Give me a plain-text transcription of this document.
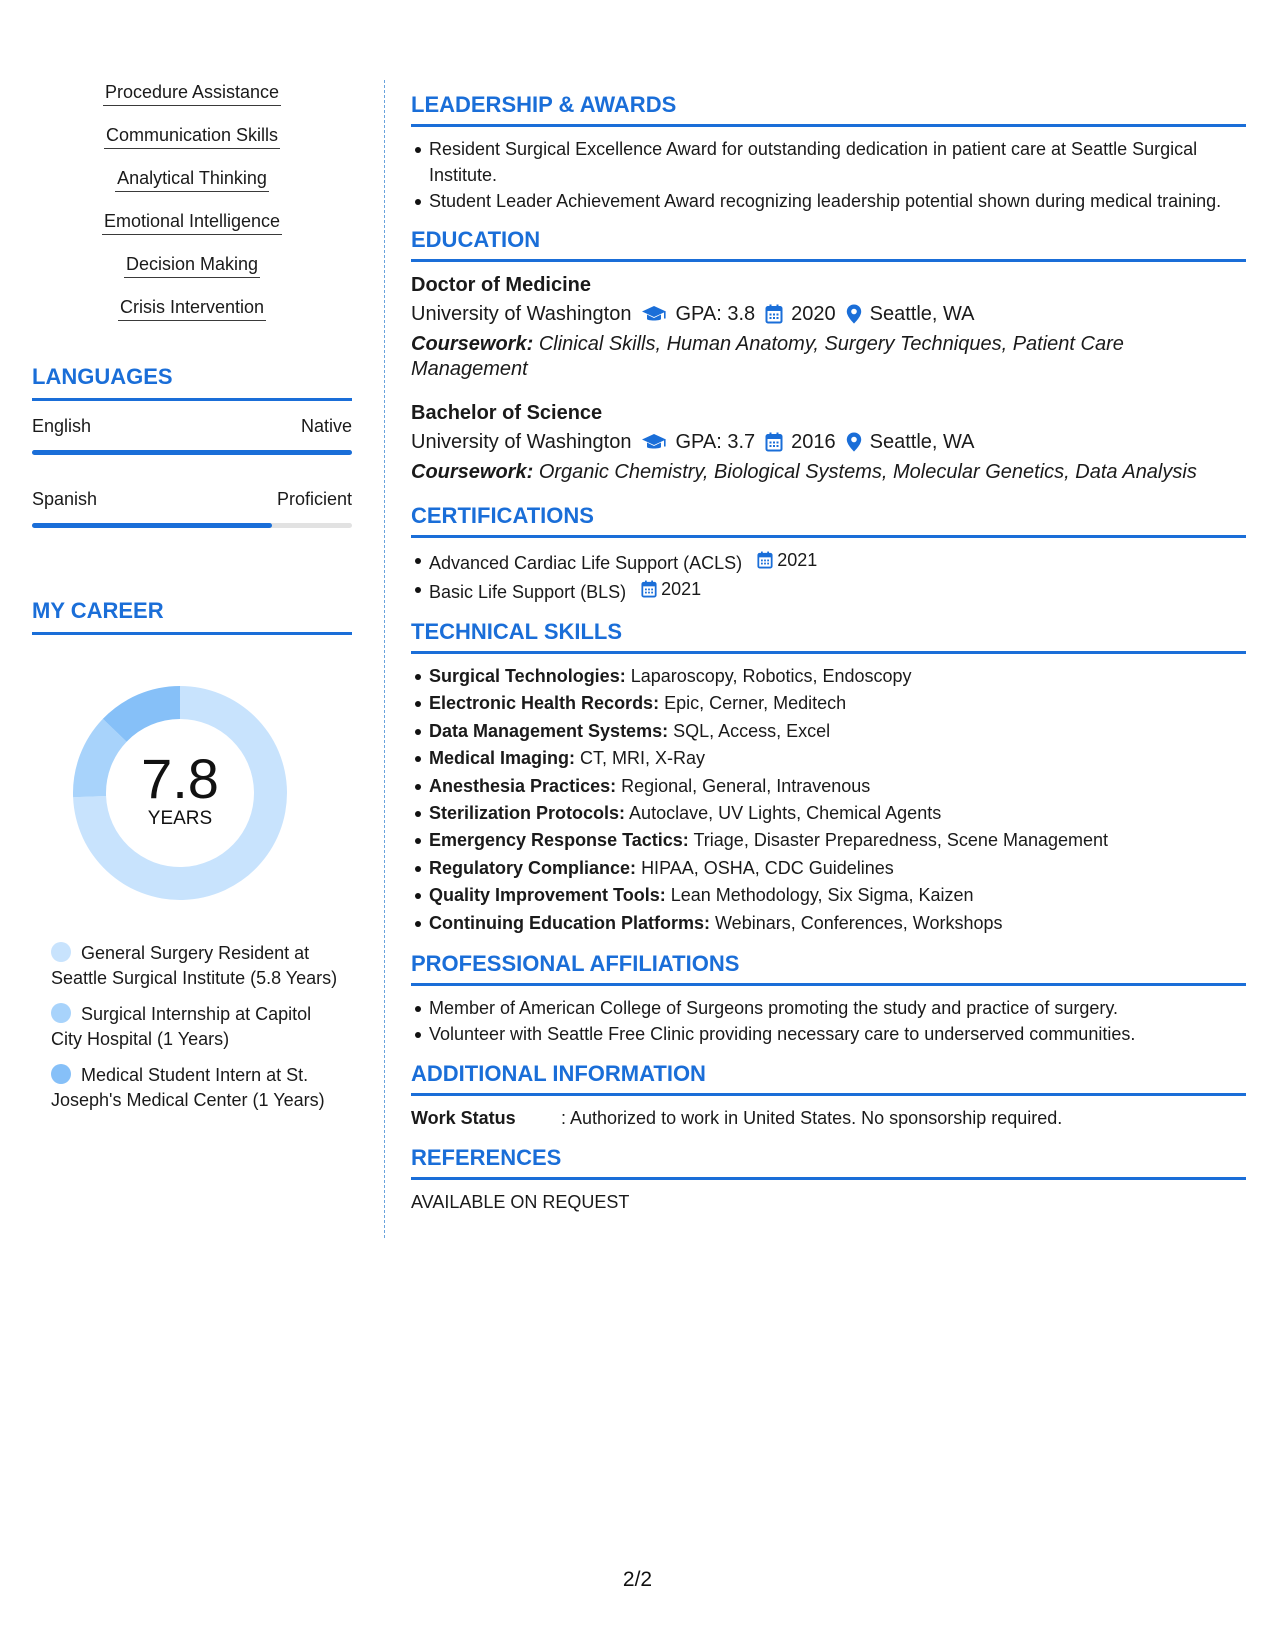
Procedure Assistance
Communication Skills
Analytical Thinking
Emotional Intelligence
Decision Making
Crisis Intervention
LANGUAGES
English	Native
Spanish	Proficient
MY CAREER
7.8
YEARS
General Surgery Resident at Seattle Surgical Institute (5.8 Years)
Surgical Internship at Capitol City Hospital (1 Years)
Medical Student Intern at St. Joseph's Medical Center (1 Years)
LEADERSHIP & AWARDS
Resident Surgical Excellence Award for outstanding dedication in patient care at Seattle Surgical Institute.
Student Leader Achievement Award recognizing leadership potential shown during medical training.
EDUCATION
Doctor of Medicine
University of Washington GPA: 3.8 2020 Seattle, WA
Coursework: Clinical Skills, Human Anatomy, Surgery Techniques, Patient Care Management
Bachelor of Science
University of Washington GPA: 3.7 2016 Seattle, WA
Coursework: Organic Chemistry, Biological Systems, Molecular Genetics, Data Analysis
CERTIFICATIONS
Advanced Cardiac Life Support (ACLS) 2021
Basic Life Support (BLS) 2021
TECHNICAL SKILLS
Surgical Technologies: Laparoscopy, Robotics, Endoscopy
Electronic Health Records: Epic, Cerner, Meditech
Data Management Systems: SQL, Access, Excel
Medical Imaging: CT, MRI, X-Ray
Anesthesia Practices: Regional, General, Intravenous
Sterilization Protocols: Autoclave, UV Lights, Chemical Agents
Emergency Response Tactics: Triage, Disaster Preparedness, Scene Management
Regulatory Compliance: HIPAA, OSHA, CDC Guidelines
Quality Improvement Tools: Lean Methodology, Six Sigma, Kaizen
Continuing Education Platforms: Webinars, Conferences, Workshops
PROFESSIONAL AFFILIATIONS
Member of American College of Surgeons promoting the study and practice of surgery.
Volunteer with Seattle Free Clinic providing necessary care to underserved communities.
ADDITIONAL INFORMATION
Work Status	: Authorized to work in United States. No sponsorship required.
REFERENCES
AVAILABLE ON REQUEST
2/2
